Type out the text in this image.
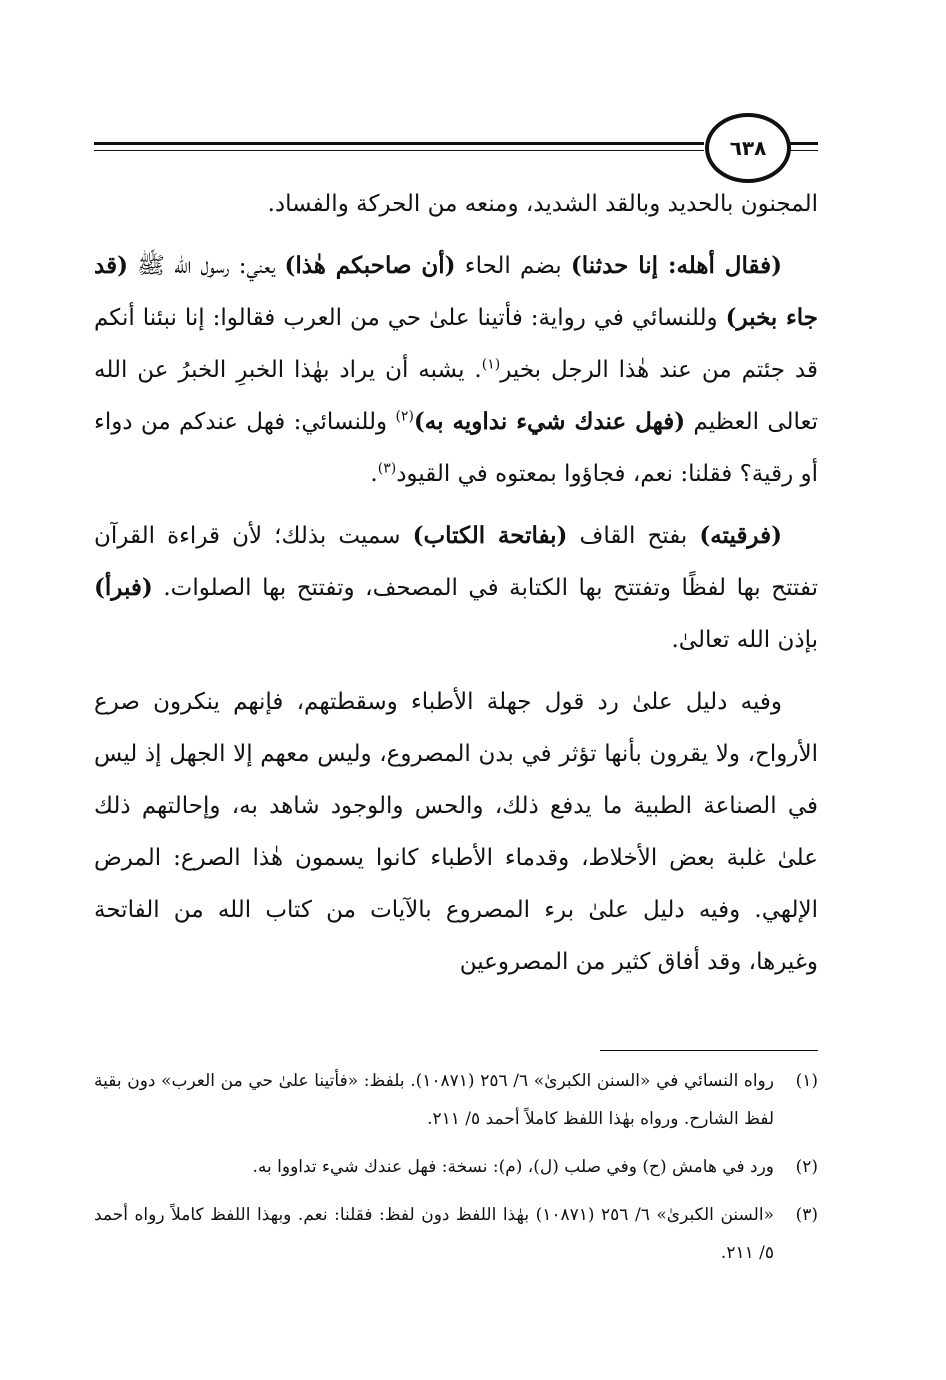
٦٣٨

المجنون بالحديد وبالقد الشديد، ومنعه من الحركة والفساد.

(فقال أهله: إنا حدثنا) بضم الحاء (أن صاحبكم هٰذا) يعني: رسول الله ﷺ (قد جاء بخبر) وللنسائي في رواية: فأتينا علىٰ حي من العرب فقالوا: إنا نبئنا أنكم قد جئتم من عند هٰذا الرجل بخير$^{(١)}$. يشبه أن يراد بهٰذا الخبرِ الخبرُ عن الله تعالى العظيم (فهل عندك شيء نداويه به)$^{(٢)}$ وللنسائي: فهل عندكم من دواء أو رقية؟ فقلنا: نعم، فجاؤوا بمعتوه في القيود$^{(٣)}$.

(فرقيته) بفتح القاف (بفاتحة الكتاب) سميت بذلك؛ لأن قراءة القرآن تفتتح بها لفظًا وتفتتح بها الكتابة في المصحف، وتفتتح بها الصلوات. (فبرأ) بإذن الله تعالىٰ.

وفيه دليل علىٰ رد قول جهلة الأطباء وسقطتهم، فإنهم ينكرون صرع الأرواح، ولا يقرون بأنها تؤثر في بدن المصروع، وليس معهم إلا الجهل إذ ليس في الصناعة الطبية ما يدفع ذلك، والحس والوجود شاهد به، وإحالتهم ذلك علىٰ غلبة بعض الأخلاط، وقدماء الأطباء كانوا يسمون هٰذا الصرع: المرض الإلهي. وفيه دليل علىٰ برء المصروع بالآيات من كتاب الله من الفاتحة وغيرها، وقد أفاق كثير من المصروعين

(١)
رواه النسائي في «السنن الكبرىٰ» ٦/ ٢٥٦ (١٠٨٧١). بلفظ: «فأتينا علىٰ حي من العرب» دون بقية لفظ الشارح. ورواه بهٰذا اللفظ كاملاً أحمد ٥/ ٢١١.
(٢)
ورد في هامش (ح) وفي صلب (ل)، (م): نسخة: فهل عندك شيء تداووا به.
(٣)
«السنن الكبرىٰ» ٦/ ٢٥٦ (١٠٨٧١) بهٰذا اللفظ دون لفظ: فقلنا: نعم. وبهذا اللفظ كاملاً رواه أحمد ٥/ ٢١١.
